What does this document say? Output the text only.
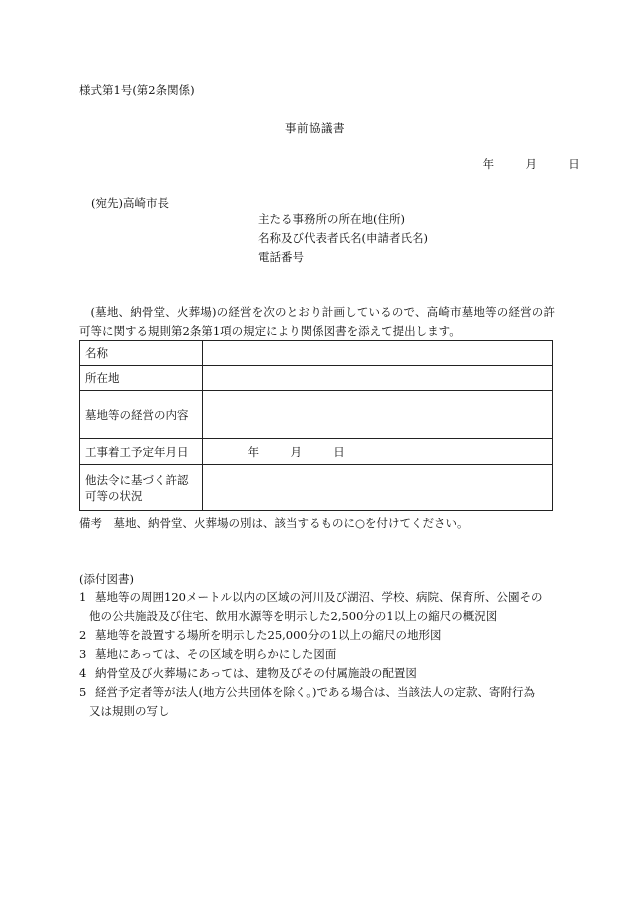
様式第1号(第2条関係)
事前協議書
年	月	日
(宛先)高崎市長
主たる事務所の所在地(住所)
名称及び代表者氏名(申請者氏名)
電話番号
(墓地、納骨堂、火葬場)の経営を次のとおり計画しているので、高崎市墓地等の経営の許可等に関する規則第2条第1項の規定により関係図書を添えて提出します。
名称	
所在地	
墓地等の経営の内容	
工事着工予定年月日	年 月 日
他法令に基づく許認可等の状況	
備考　墓地、納骨堂、火葬場の別は、該当するものに○を付けてください。
(添付図書)
1 墓地等の周囲120メートル以内の区域の河川及び湖沼、学校、病院、保育所、公園その
他の公共施設及び住宅、飲用水源等を明示した2,500分の1以上の縮尺の概況図
2 墓地等を設置する場所を明示した25,000分の1以上の縮尺の地形図
3 墓地にあっては、その区域を明らかにした図面
4 納骨堂及び火葬場にあっては、建物及びその付属施設の配置図
5 経営予定者等が法人(地方公共団体を除く。)である場合は、当該法人の定款、寄附行為
又は規則の写し
